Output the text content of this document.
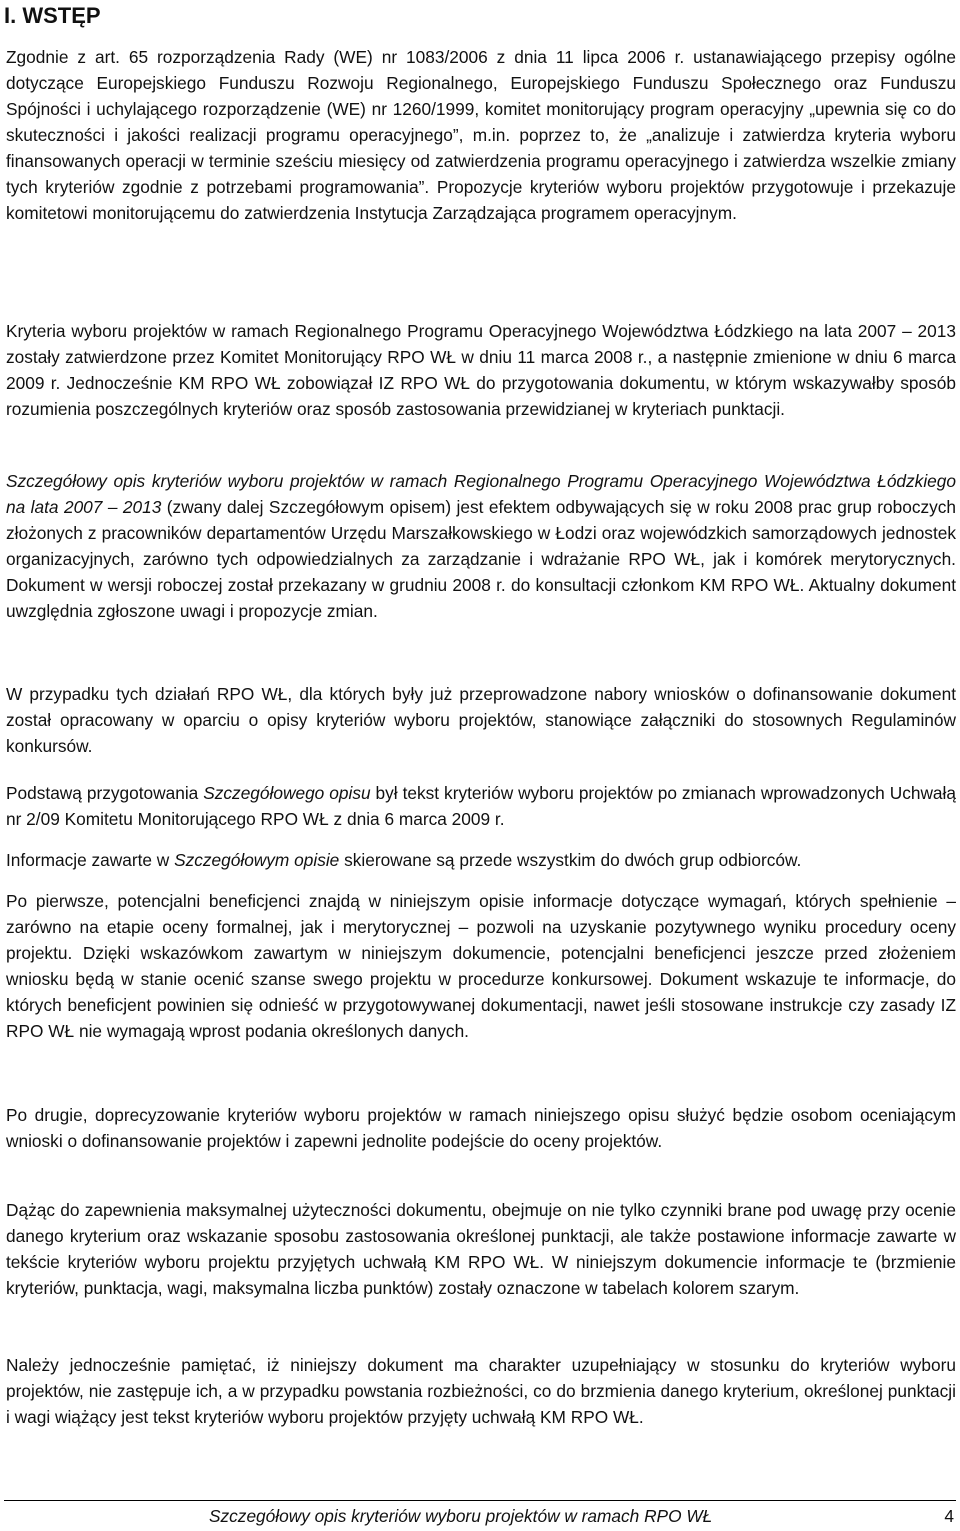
I. WSTĘP

Zgodnie z art. 65 rozporządzenia Rady (WE) nr 1083/2006 z dnia 11 lipca 2006 r. ustanawiającego przepisy ogólne dotyczące Europejskiego Funduszu Rozwoju Regionalnego, Europejskiego Funduszu Społecznego oraz Funduszu Spójności i uchylającego rozporządzenie (WE) nr 1260/1999, komitet monitorujący program operacyjny „upewnia się co do skuteczności i jakości realizacji programu operacyjnego”, m.in. poprzez to, że „analizuje i zatwierdza kryteria wyboru finansowanych operacji w terminie sześciu miesięcy od zatwierdzenia programu operacyjnego i zatwierdza wszelkie zmiany tych kryteriów zgodnie z potrzebami programowania”. Propozycje kryteriów wyboru projektów przygotowuje i przekazuje komitetowi monitorującemu do zatwierdzenia Instytucja Zarządzająca programem operacyjnym.

Kryteria wyboru projektów w ramach Regionalnego Programu Operacyjnego Województwa Łódzkiego na lata 2007 – 2013 zostały zatwierdzone przez Komitet Monitorujący RPO WŁ w dniu 11 marca 2008 r., a następnie zmienione w dniu 6 marca 2009 r. Jednocześnie KM RPO WŁ zobowiązał IZ RPO WŁ do przygotowania dokumentu, w którym wskazywałby sposób rozumienia poszczególnych kryteriów oraz sposób zastosowania przewidzianej w kryteriach punktacji.

Szczegółowy opis kryteriów wyboru projektów w ramach Regionalnego Programu Operacyjnego Województwa Łódzkiego na lata 2007 – 2013 (zwany dalej Szczegółowym opisem) jest efektem odbywających się w roku 2008 prac grup roboczych złożonych z pracowników departamentów Urzędu Marszałkowskiego w Łodzi oraz wojewódzkich samorządowych jednostek organizacyjnych, zarówno tych odpowiedzialnych za zarządzanie i wdrażanie RPO WŁ, jak i komórek merytorycznych. Dokument w wersji roboczej został przekazany w grudniu 2008 r. do konsultacji członkom KM RPO WŁ. Aktualny dokument uwzględnia zgłoszone uwagi i propozycje zmian.

W przypadku tych działań RPO WŁ, dla których były już przeprowadzone nabory wniosków o dofinansowanie dokument został opracowany w oparciu o opisy kryteriów wyboru projektów, stanowiące załączniki do stosownych Regulaminów konkursów.

Podstawą przygotowania Szczegółowego opisu był tekst kryteriów wyboru projektów po zmianach wprowadzonych Uchwałą nr 2/09 Komitetu Monitorującego RPO WŁ z dnia 6 marca 2009 r.

Informacje zawarte w Szczegółowym opisie skierowane są przede wszystkim do dwóch grup odbiorców.

Po pierwsze, potencjalni beneficjenci znajdą w niniejszym opisie informacje dotyczące wymagań, których spełnienie – zarówno na etapie oceny formalnej, jak i merytorycznej – pozwoli na uzyskanie pozytywnego wyniku procedury oceny projektu. Dzięki wskazówkom zawartym w niniejszym dokumencie, potencjalni beneficjenci jeszcze przed złożeniem wniosku będą w stanie ocenić szanse swego projektu w procedurze konkursowej. Dokument wskazuje te informacje, do których beneficjent powinien się odnieść w przygotowywanej dokumentacji, nawet jeśli stosowane instrukcje czy zasady IZ RPO WŁ nie wymagają wprost podania określonych danych.

Po drugie, doprecyzowanie kryteriów wyboru projektów w ramach niniejszego opisu służyć będzie osobom oceniającym wnioski o dofinansowanie projektów i zapewni jednolite podejście do oceny projektów.

Dążąc do zapewnienia maksymalnej użyteczności dokumentu, obejmuje on nie tylko czynniki brane pod uwagę przy ocenie danego kryterium oraz wskazanie sposobu zastosowania określonej punktacji, ale także postawione informacje zawarte w tekście kryteriów wyboru projektu przyjętych uchwałą KM RPO WŁ. W niniejszym dokumencie informacje te (brzmienie kryteriów, punktacja, wagi, maksymalna liczba punktów) zostały oznaczone w tabelach kolorem szarym.

Należy jednocześnie pamiętać, iż niniejszy dokument ma charakter uzupełniający w stosunku do kryteriów wyboru projektów, nie zastępuje ich, a w przypadku powstania rozbieżności, co do brzmienia danego kryterium, określonej punktacji i wagi wiążący jest tekst kryteriów wyboru projektów przyjęty uchwałą KM RPO WŁ.

Szczegółowy opis kryteriów wyboru projektów w ramach RPO WŁ	4
